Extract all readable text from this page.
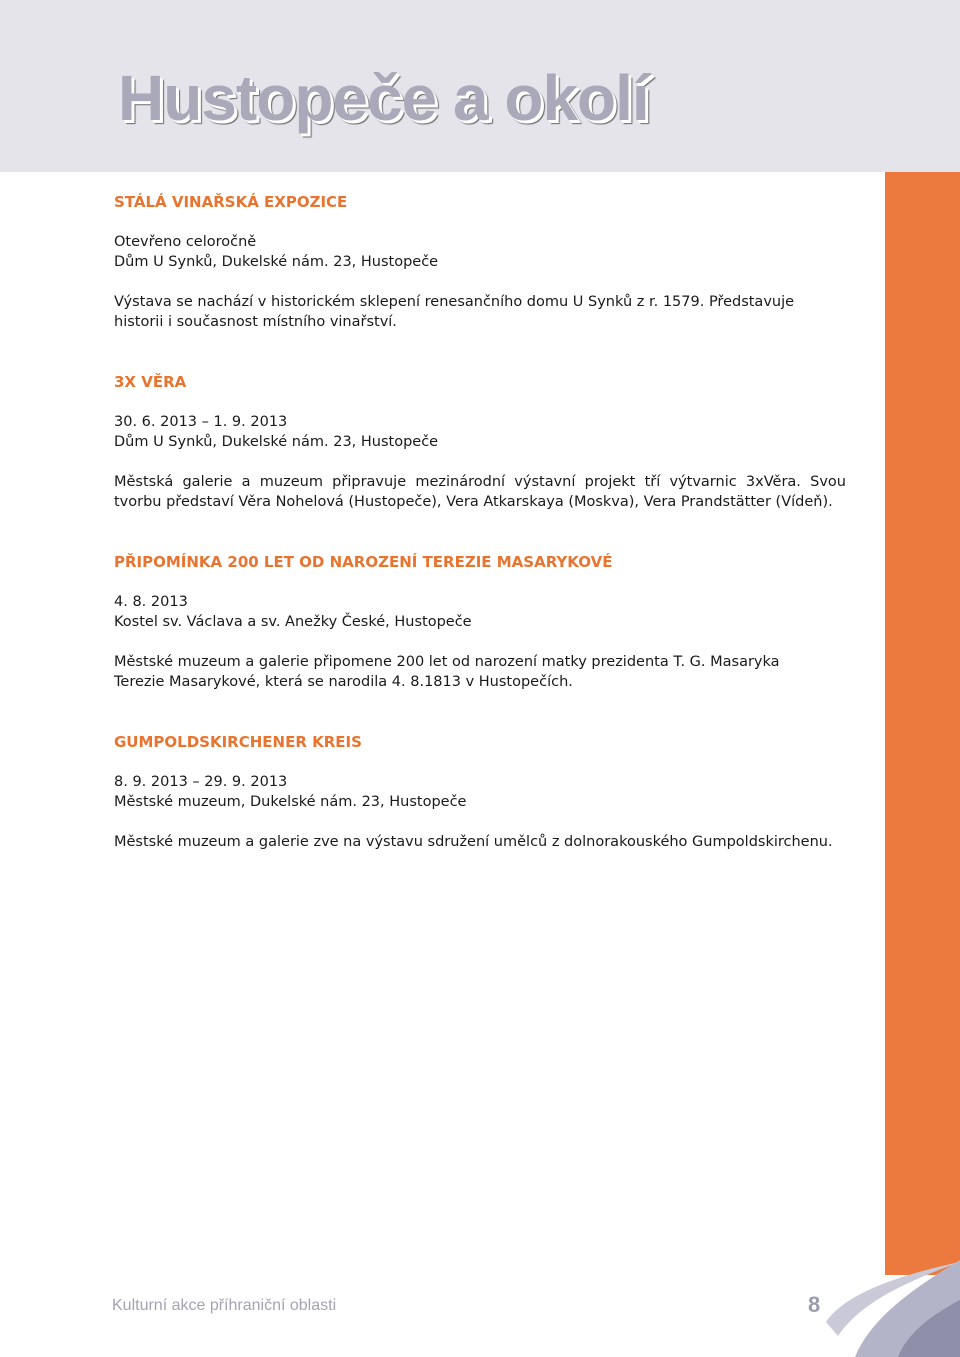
Hustopeče a okolí

STÁLÁ VINAŘSKÁ EXPOZICE

Otevřeno celoročně

Dům U Synků, Dukelské nám. 23, Hustopeče

Výstava se nachází v historickém sklepení renesančního domu U Synků z r. 1579. Představuje

historii i současnost místního vinařství.

3X VĚRA

30. 6. 2013 – 1. 9. 2013

Dům U Synků, Dukelské nám. 23, Hustopeče

Městská galerie a muzeum připravuje mezinárodní výstavní projekt tří výtvarnic 3xVěra. Svou tvorbu představí Věra Nohelová (Hustopeče), Vera Atkarskaya (Moskva), Vera Prandstätter (Vídeň).

PŘIPOMÍNKA 200 LET OD NAROZENÍ TEREZIE MASARYKOVÉ

4. 8. 2013

Kostel sv. Václava a sv. Anežky České, Hustopeče

Městské muzeum a galerie připomene 200 let od narození matky prezidenta T. G. Masaryka

Terezie Masarykové, která se narodila 4. 8.1813 v Hustopečích.

GUMPOLDSKIRCHENER KREIS

8. 9. 2013 – 29. 9. 2013

Městské muzeum, Dukelské nám. 23, Hustopeče

Městské muzeum a galerie zve na výstavu sdružení umělců z dolnorakouského Gumpoldskirchenu.

Kulturní akce příhraniční oblasti	8
